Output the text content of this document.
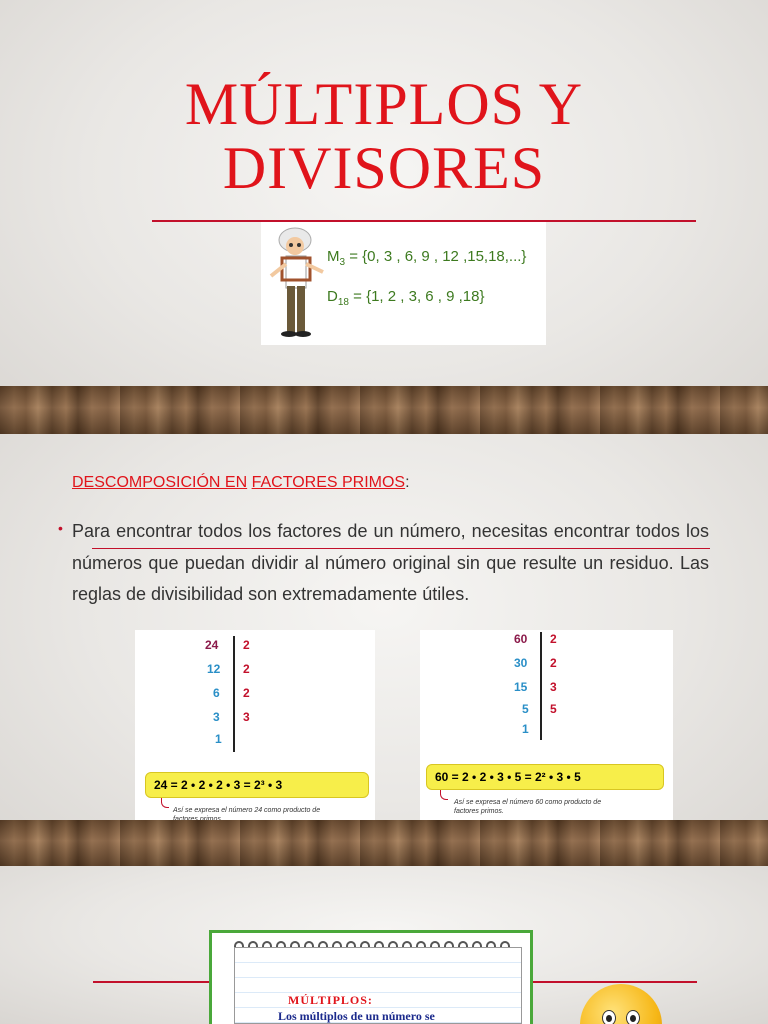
MÚLTIPLOS Y
DIVISORES
$M_3 = \{0$, 3 , 6, 9 , 12 ,15,18,...}
$D_{18} = \{1$, 2 , 3, 6 , 9 ,18}
DESCOMPOSICIÓN EN FACTORES PRIMOS:
• Para encontrar todos los factores de un número, necesitas encontrar todos los números que puedan dividir al número original sin que resulte un residuo. Las reglas de divisibilidad son extremadamente útiles.

24
12
6
3
1
2
2
2
3
24 = 2 • 2 • 2 • 3 = 2³ • 3
Así se expresa el número 24 como producto de
60
30
15
5
1
2
2
3
5
60 = 2 • 2 • 3 • 5 = 2² • 3 • 5
Así se expresa el número 60 como producto de factores primos.
MÚLTIPLOS:
Los múltiplos de un número se
